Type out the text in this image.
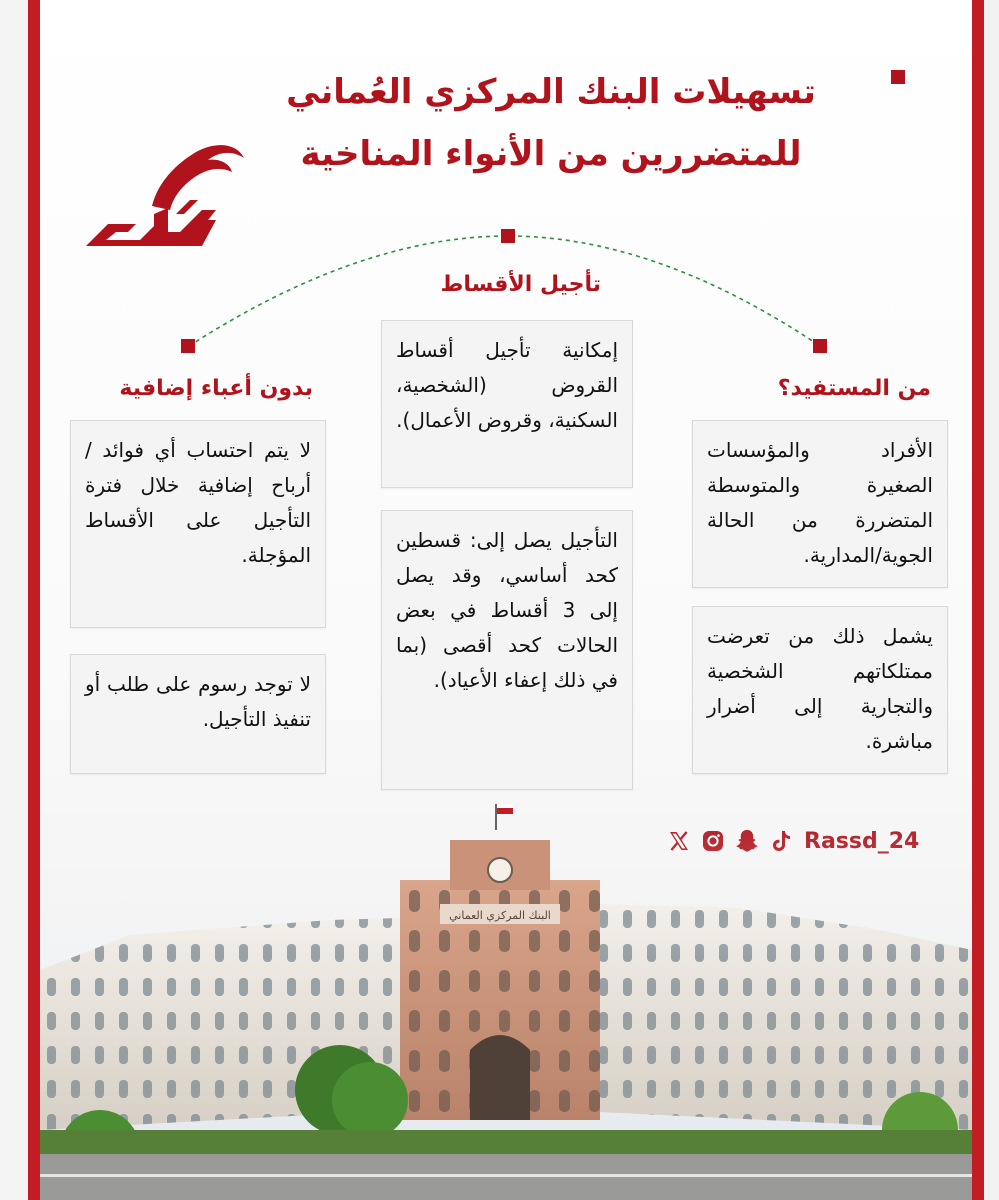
تسهيلات البنك المركزي العُماني
للمتضررين من الأنواء المناخية
تأجيل الأقساط
من المستفيد؟
بدون أعباء إضافية
إمكانية تأجيل أقساط القروض (الشخصية، السكنية، وقروض الأعمال).
التأجيل يصل إلى: قسطين كحد أساسي، وقد يصل إلى 3 أقساط في بعض الحالات كحد أقصى (بما في ذلك إعفاء الأعياد).
الأفراد والمؤسسات الصغيرة والمتوسطة المتضررة من الحالة الجوية/المدارية.
يشمل ذلك من تعرضت ممتلكاتهم الشخصية والتجارية إلى أضرار مباشرة.
لا يتم احتساب أي فوائد / أرباح إضافية خلال فترة التأجيل على الأقساط المؤجلة.
لا توجد رسوم على طلب أو تنفيذ التأجيل.
البنك المركزي العماني
